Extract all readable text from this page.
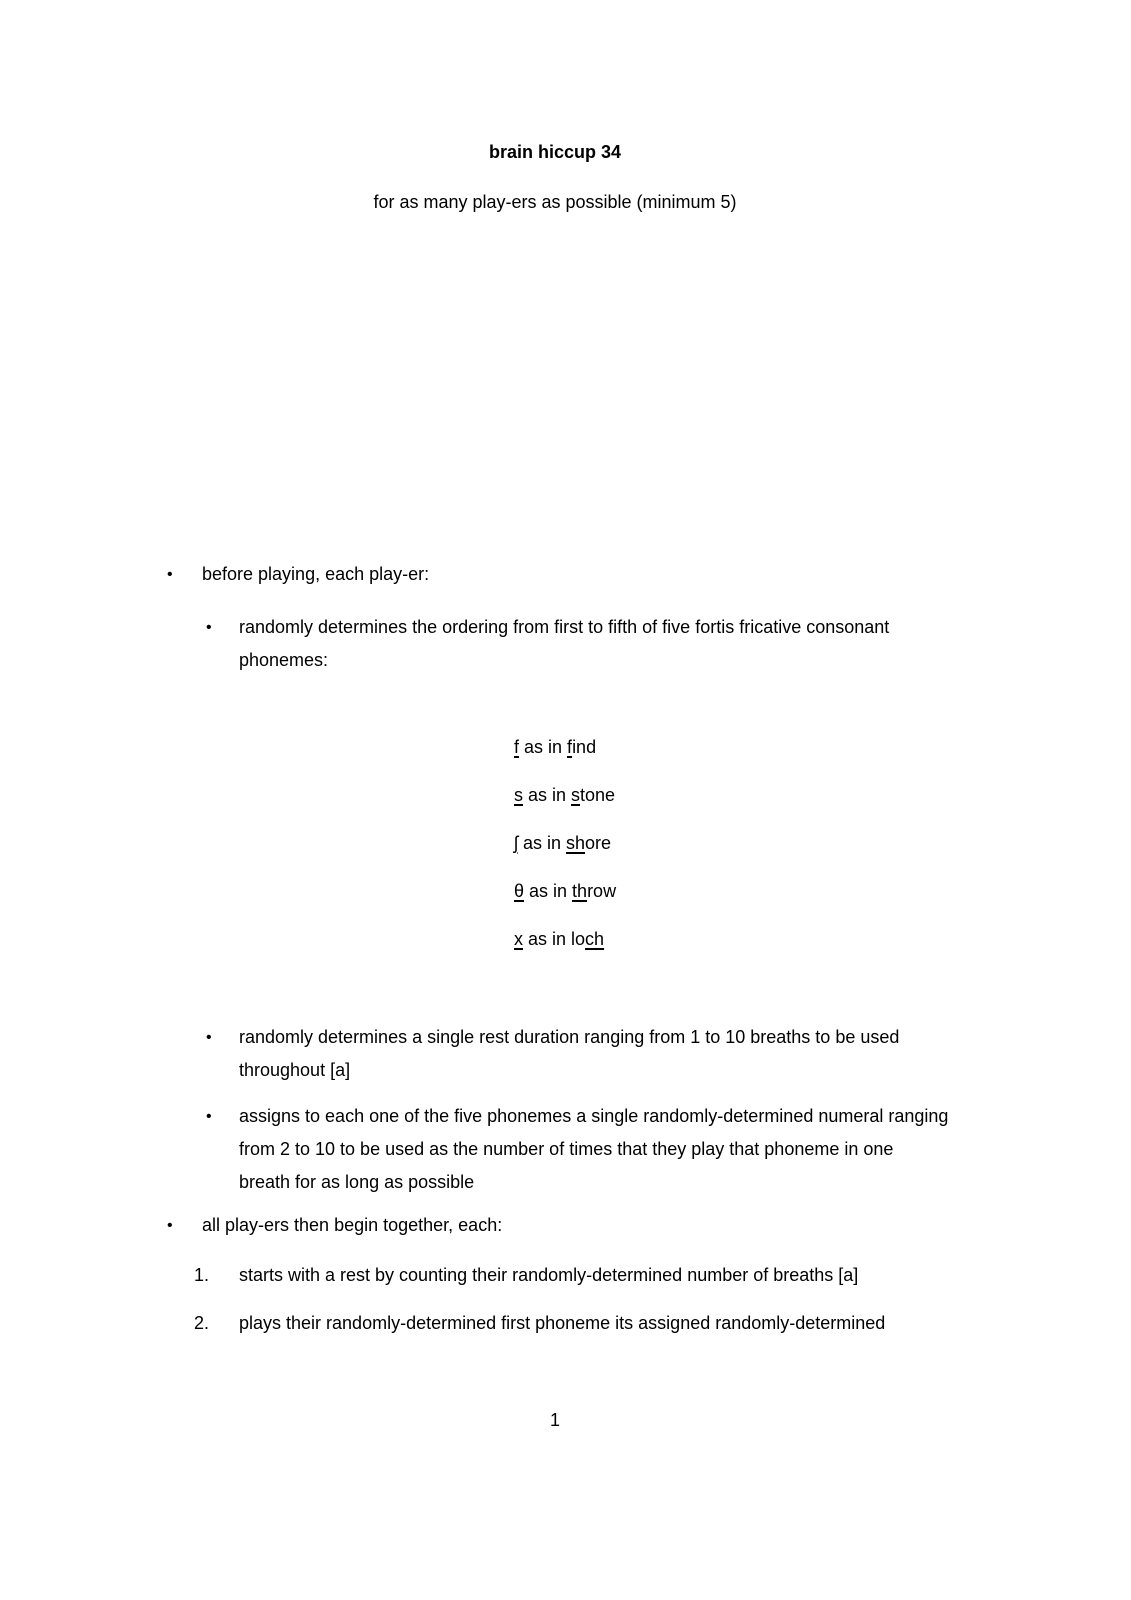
brain hiccup 34
for as many play-ers as possible (minimum 5)
• before playing, each play-er:
• randomly determines the ordering from first to fifth of five fortis fricative consonant
phonemes:
f as in find
s as in stone
ʃ as in shore
θ as in throw
x as in loch
• randomly determines a single rest duration ranging from 1 to 10 breaths to be used
throughout [a]
• assigns to each one of the five phonemes a single randomly-determined numeral ranging
from 2 to 10 to be used as the number of times that they play that phoneme in one
breath for as long as possible
• all play-ers then begin together, each:
1. starts with a rest by counting their randomly-determined number of breaths [a]
2. plays their randomly-determined first phoneme its assigned randomly-determined
1
